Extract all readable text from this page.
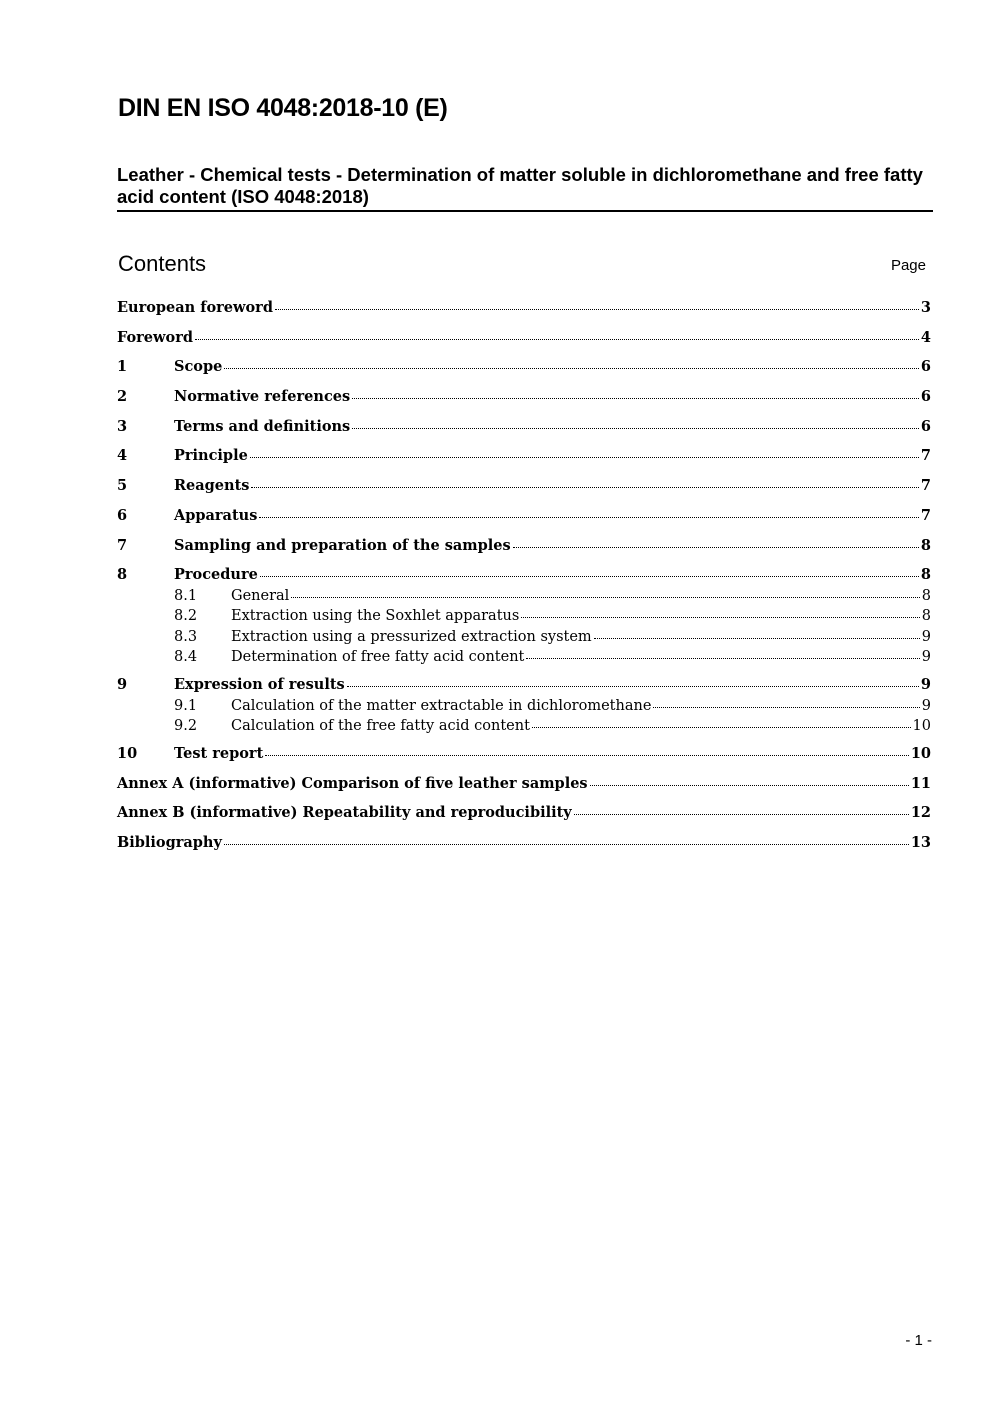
DIN EN ISO 4048:2018-10 (E)
Leather - Chemical tests - Determination of matter soluble in dichloromethane and free fatty acid content (ISO 4048:2018)
Contents	Page
European foreword	3
Foreword	4
1	Scope	6
2	Normative references	6
3	Terms and definitions	6
4	Principle	7
5	Reagents	7
6	Apparatus	7
7	Sampling and preparation of the samples	8
8	Procedure	8
8.1	General	8
8.2	Extraction using the Soxhlet apparatus	8
8.3	Extraction using a pressurized extraction system	9
8.4	Determination of free fatty acid content	9
9	Expression of results	9
9.1	Calculation of the matter extractable in dichloromethane	9
9.2	Calculation of the free fatty acid content	10
10	Test report	10
Annex A (informative) Comparison of five leather samples	11
Annex B (informative) Repeatability and reproducibility	12
Bibliography	13
- 1 -
